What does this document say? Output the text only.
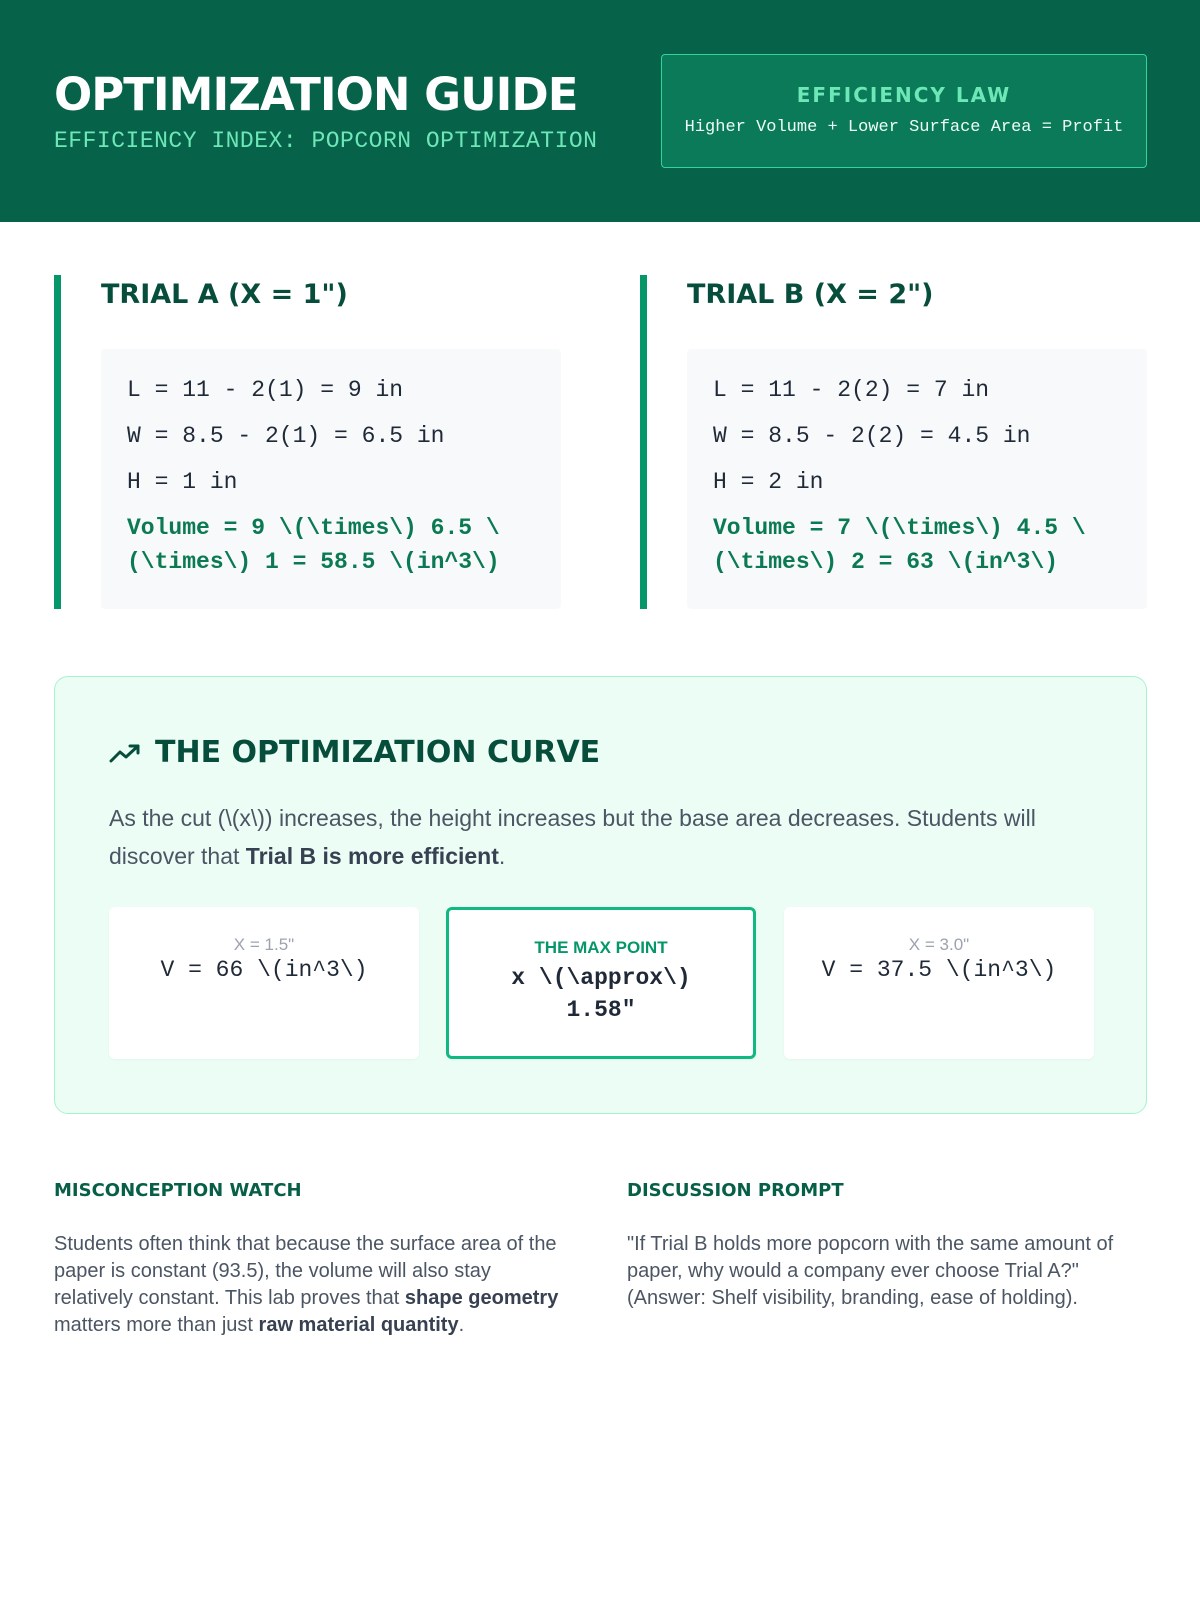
OPTIMIZATION GUIDE
EFFICIENCY INDEX: POPCORN OPTIMIZATION
EFFICIENCY LAW
Higher Volume + Lower Surface Area = Profit
TRIAL A (X = 1")
L = 11 - 2(1) = 9 in
W = 8.5 - 2(1) = 6.5 in
H = 1 in
Volume = 9 \(\times\) 6.5 \(\times\) 1 = 58.5 \(in^3\)
TRIAL B (X = 2")
L = 11 - 2(2) = 7 in
W = 8.5 - 2(2) = 4.5 in
H = 2 in
Volume = 7 \(\times\) 4.5 \(\times\) 2 = 63 \(in^3\)
THE OPTIMIZATION CURVE
As the cut (\(x\)) increases, the height increases but the base area decreases. Students will discover that Trial B is more efficient.
X = 1.5"
V = 66 \(in^3\)
THE MAX POINT
x \(\approx\) 1.58"
X = 3.0"
V = 37.5 \(in^3\)
MISCONCEPTION WATCH
Students often think that because the surface area of the paper is constant (93.5), the volume will also stay relatively constant. This lab proves that shape geometry matters more than just raw material quantity.
DISCUSSION PROMPT
"If Trial B holds more popcorn with the same amount of paper, why would a company ever choose Trial A?" (Answer: Shelf visibility, branding, ease of holding).
